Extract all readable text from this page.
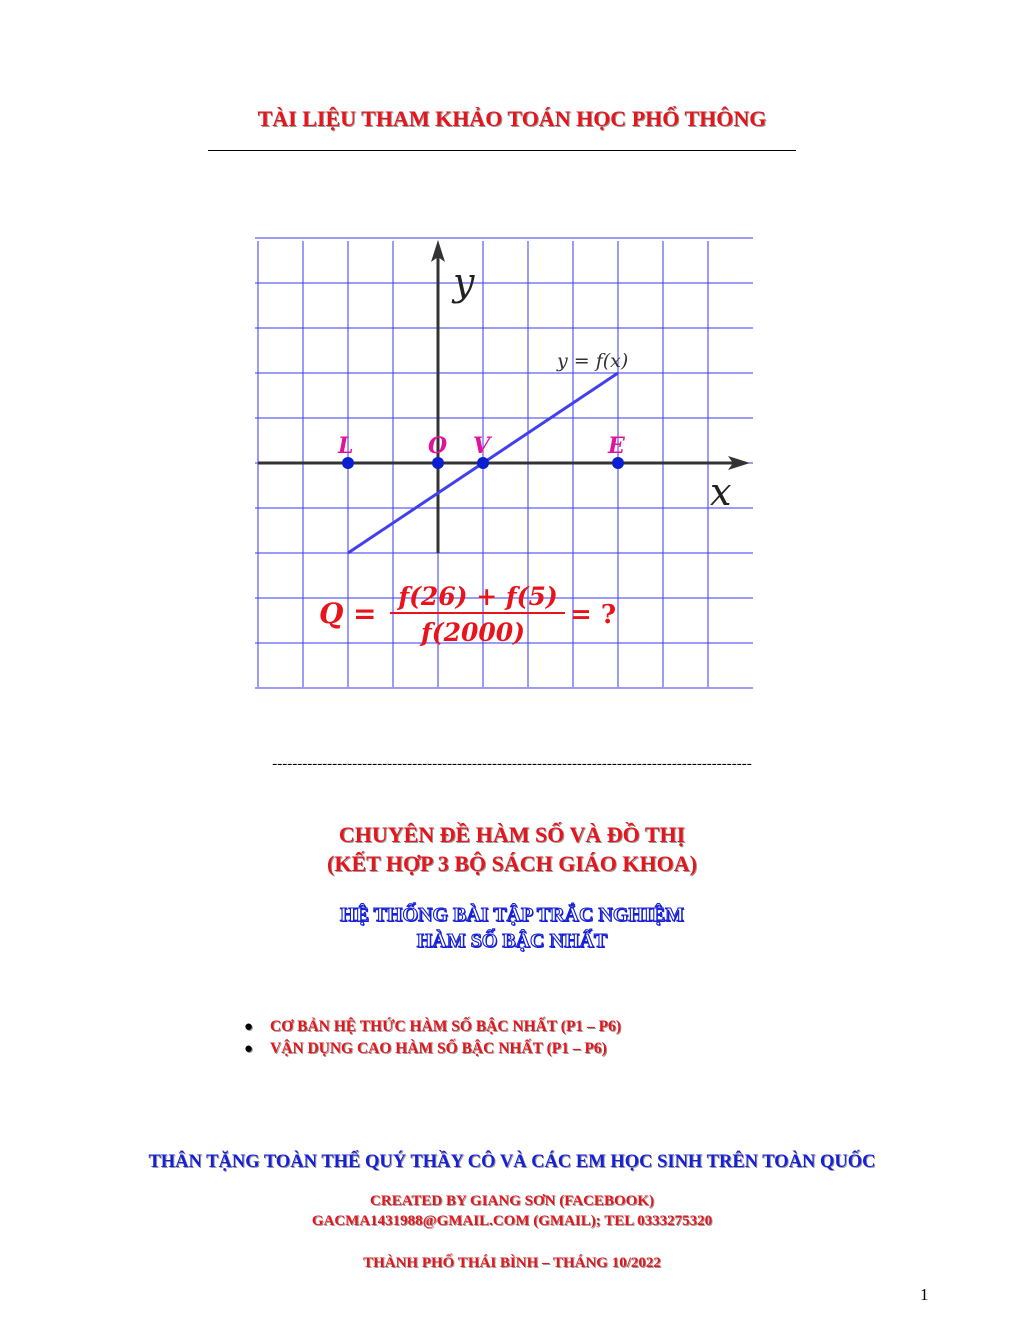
TÀI LIỆU THAM KHẢO TOÁN HỌC PHỔ THÔNG
y
x
y = f(x)
L	O V	E
Q =
f(26) + f(5)
f(2000)
= ?
------------------------------------------------------------------------------------------------
CHUYÊN ĐỀ HÀM SỐ VÀ ĐỒ THỊ
(KẾT HỢP 3 BỘ SÁCH GIÁO KHOA)
HỆ THỐNG BÀI TẬP TRẮC NGHIỆM
HÀM SỐ BẬC NHẤT
● CƠ BẢN HỆ THỨC HÀM SỐ BẬC NHẤT (P1 – P6)
● VẬN DỤNG CAO HÀM SỐ BẬC NHẤT (P1 – P6)
THÂN TẶNG TOÀN THỂ QUÝ THẦY CÔ VÀ CÁC EM HỌC SINH TRÊN TOÀN QUỐC
CREATED BY GIANG SƠN (FACEBOOK)
GACMA1431988@GMAIL.COM (GMAIL); TEL 0333275320
THÀNH PHỐ THÁI BÌNH – THÁNG 10/2022
1
